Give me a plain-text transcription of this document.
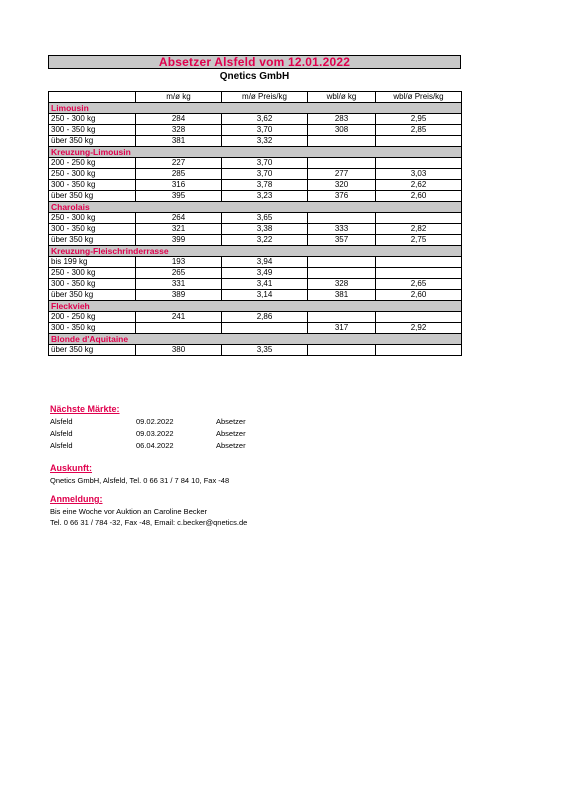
Absetzer Alsfeld vom 12.01.2022
Qnetics GmbH
	m/ø kg	m/ø Preis/kg	wbl/ø kg	wbl/ø Preis/kg
Limousin				
250 - 300 kg	284	3,62	283	2,95
300 - 350 kg	328	3,70	308	2,85
über 350 kg	381	3,32		
Kreuzung-Limousin				
200 - 250 kg	227	3,70		
250 - 300 kg	285	3,70	277	3,03
300 - 350 kg	316	3,78	320	2,62
über 350 kg	395	3,23	376	2,60
Charolais				
250 - 300 kg	264	3,65		
300 - 350 kg	321	3,38	333	2,82
über 350 kg	399	3,22	357	2,75
Kreuzung-Fleischrinderrasse				
bis 199 kg	193	3,94		
250 - 300 kg	265	3,49		
300 - 350 kg	331	3,41	328	2,65
über 350 kg	389	3,14	381	2,60
Fleckvieh				
200 - 250 kg	241	2,86		
300 - 350 kg			317	2,92
Blonde d'Aquitaine				
über 350 kg	380	3,35		
Nächste Märkte:
Alsfeld	09.02.2022	Absetzer
Alsfeld	09.03.2022	Absetzer
Alsfeld	06.04.2022	Absetzer
Auskunft:
Qnetics GmbH, Alsfeld, Tel. 0 66 31 / 7 84 10, Fax -48
Anmeldung:
Bis eine Woche vor Auktion an Caroline Becker
Tel. 0 66 31 / 784 -32, Fax -48, Email: c.becker@qnetics.de
